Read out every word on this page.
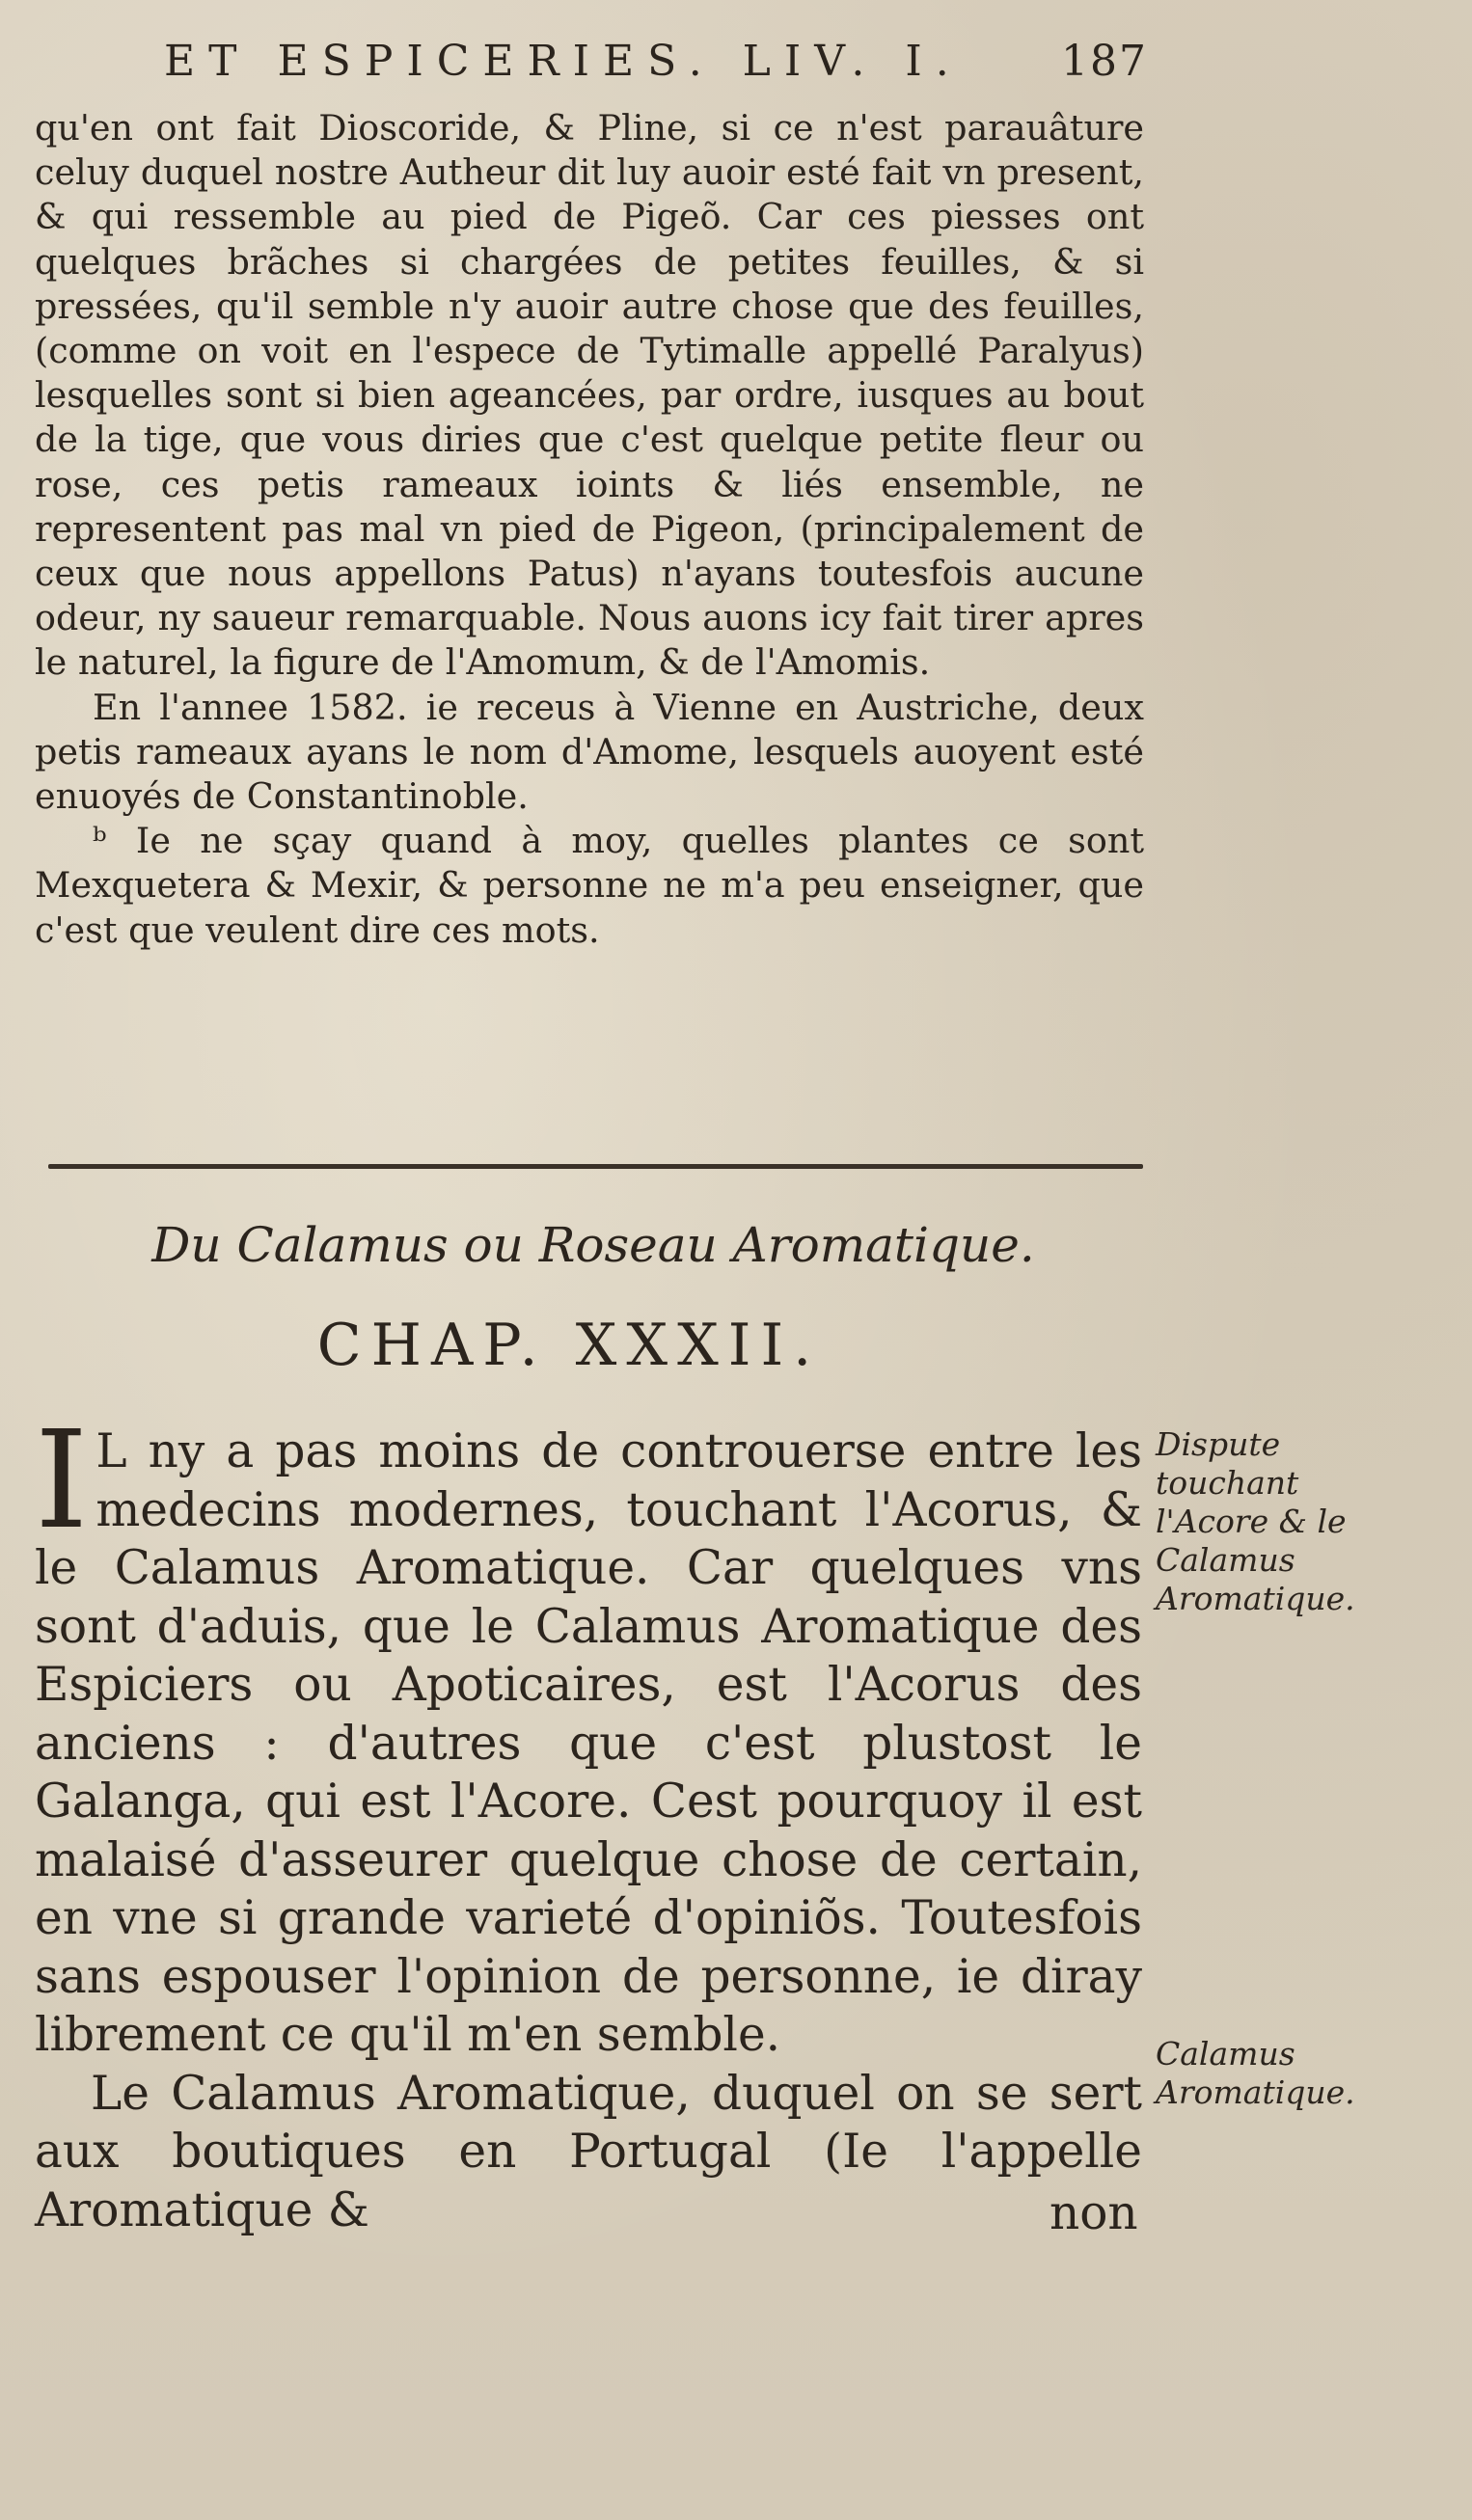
ET ESPICERIES. LIV. I. 187

qu'en ont fait Dioscoride, & Pline, si ce n'est parauâture celuy duquel nostre Autheur dit luy auoir esté fait vn present, & qui ressemble au pied de Pigeõ. Car ces piesses ont quelques brãches si chargées de petites feuilles, & si pressées, qu'il semble n'y auoir autre chose que des feuilles, (comme on voit en l'espece de Tytimalle appellé Paralyus) lesquelles sont si bien ageancées, par ordre, iusques au bout de la tige, que vous diries que c'est quelque petite fleur ou rose, ces petis rameaux ioints & liés ensemble, ne representent pas mal vn pied de Pigeon, (principalement de ceux que nous appellons Patus) n'ayans toutesfois aucune odeur, ny saueur remarquable. Nous auons icy fait tirer apres le naturel, la figure de l'Amomum, & de l'Amomis.

En l'annee 1582. ie receus à Vienne en Austriche, deux petis rameaux ayans le nom d'Amome, lesquels auoyent esté enuoyés de Constantinoble.

ᵇ Ie ne sçay quand à moy, quelles plantes ce sont Mexquetera & Mexir, & personne ne m'a peu enseigner, que c'est que veulent dire ces mots.

Du Calamus ou Roseau Aromatique.
CHAP. XXXII.

I L ny a pas moins de controuerse entre les medecins modernes, touchant l'Acorus, & le Calamus Aromatique. Car quelques vns sont d'aduis, que le Calamus Aromatique des Espiciers ou Apoticaires, est l'Acorus des anciens : d'autres que c'est plustost le Galanga, qui est l'Acore. Cest pourquoy il est malaisé d'asseurer quelque chose de certain, en vne si grande varieté d'opiniõs. Toutesfois sans espouser l'opinion de personne, ie diray librement ce qu'il m'en semble.

Le Calamus Aromatique, duquel on se sert aux boutiques en Portugal (Ie l'appelle Aromatique &

Dispute touchant l'Acore & le Calamus Aromatique.
Calamus Aromatique.
non
